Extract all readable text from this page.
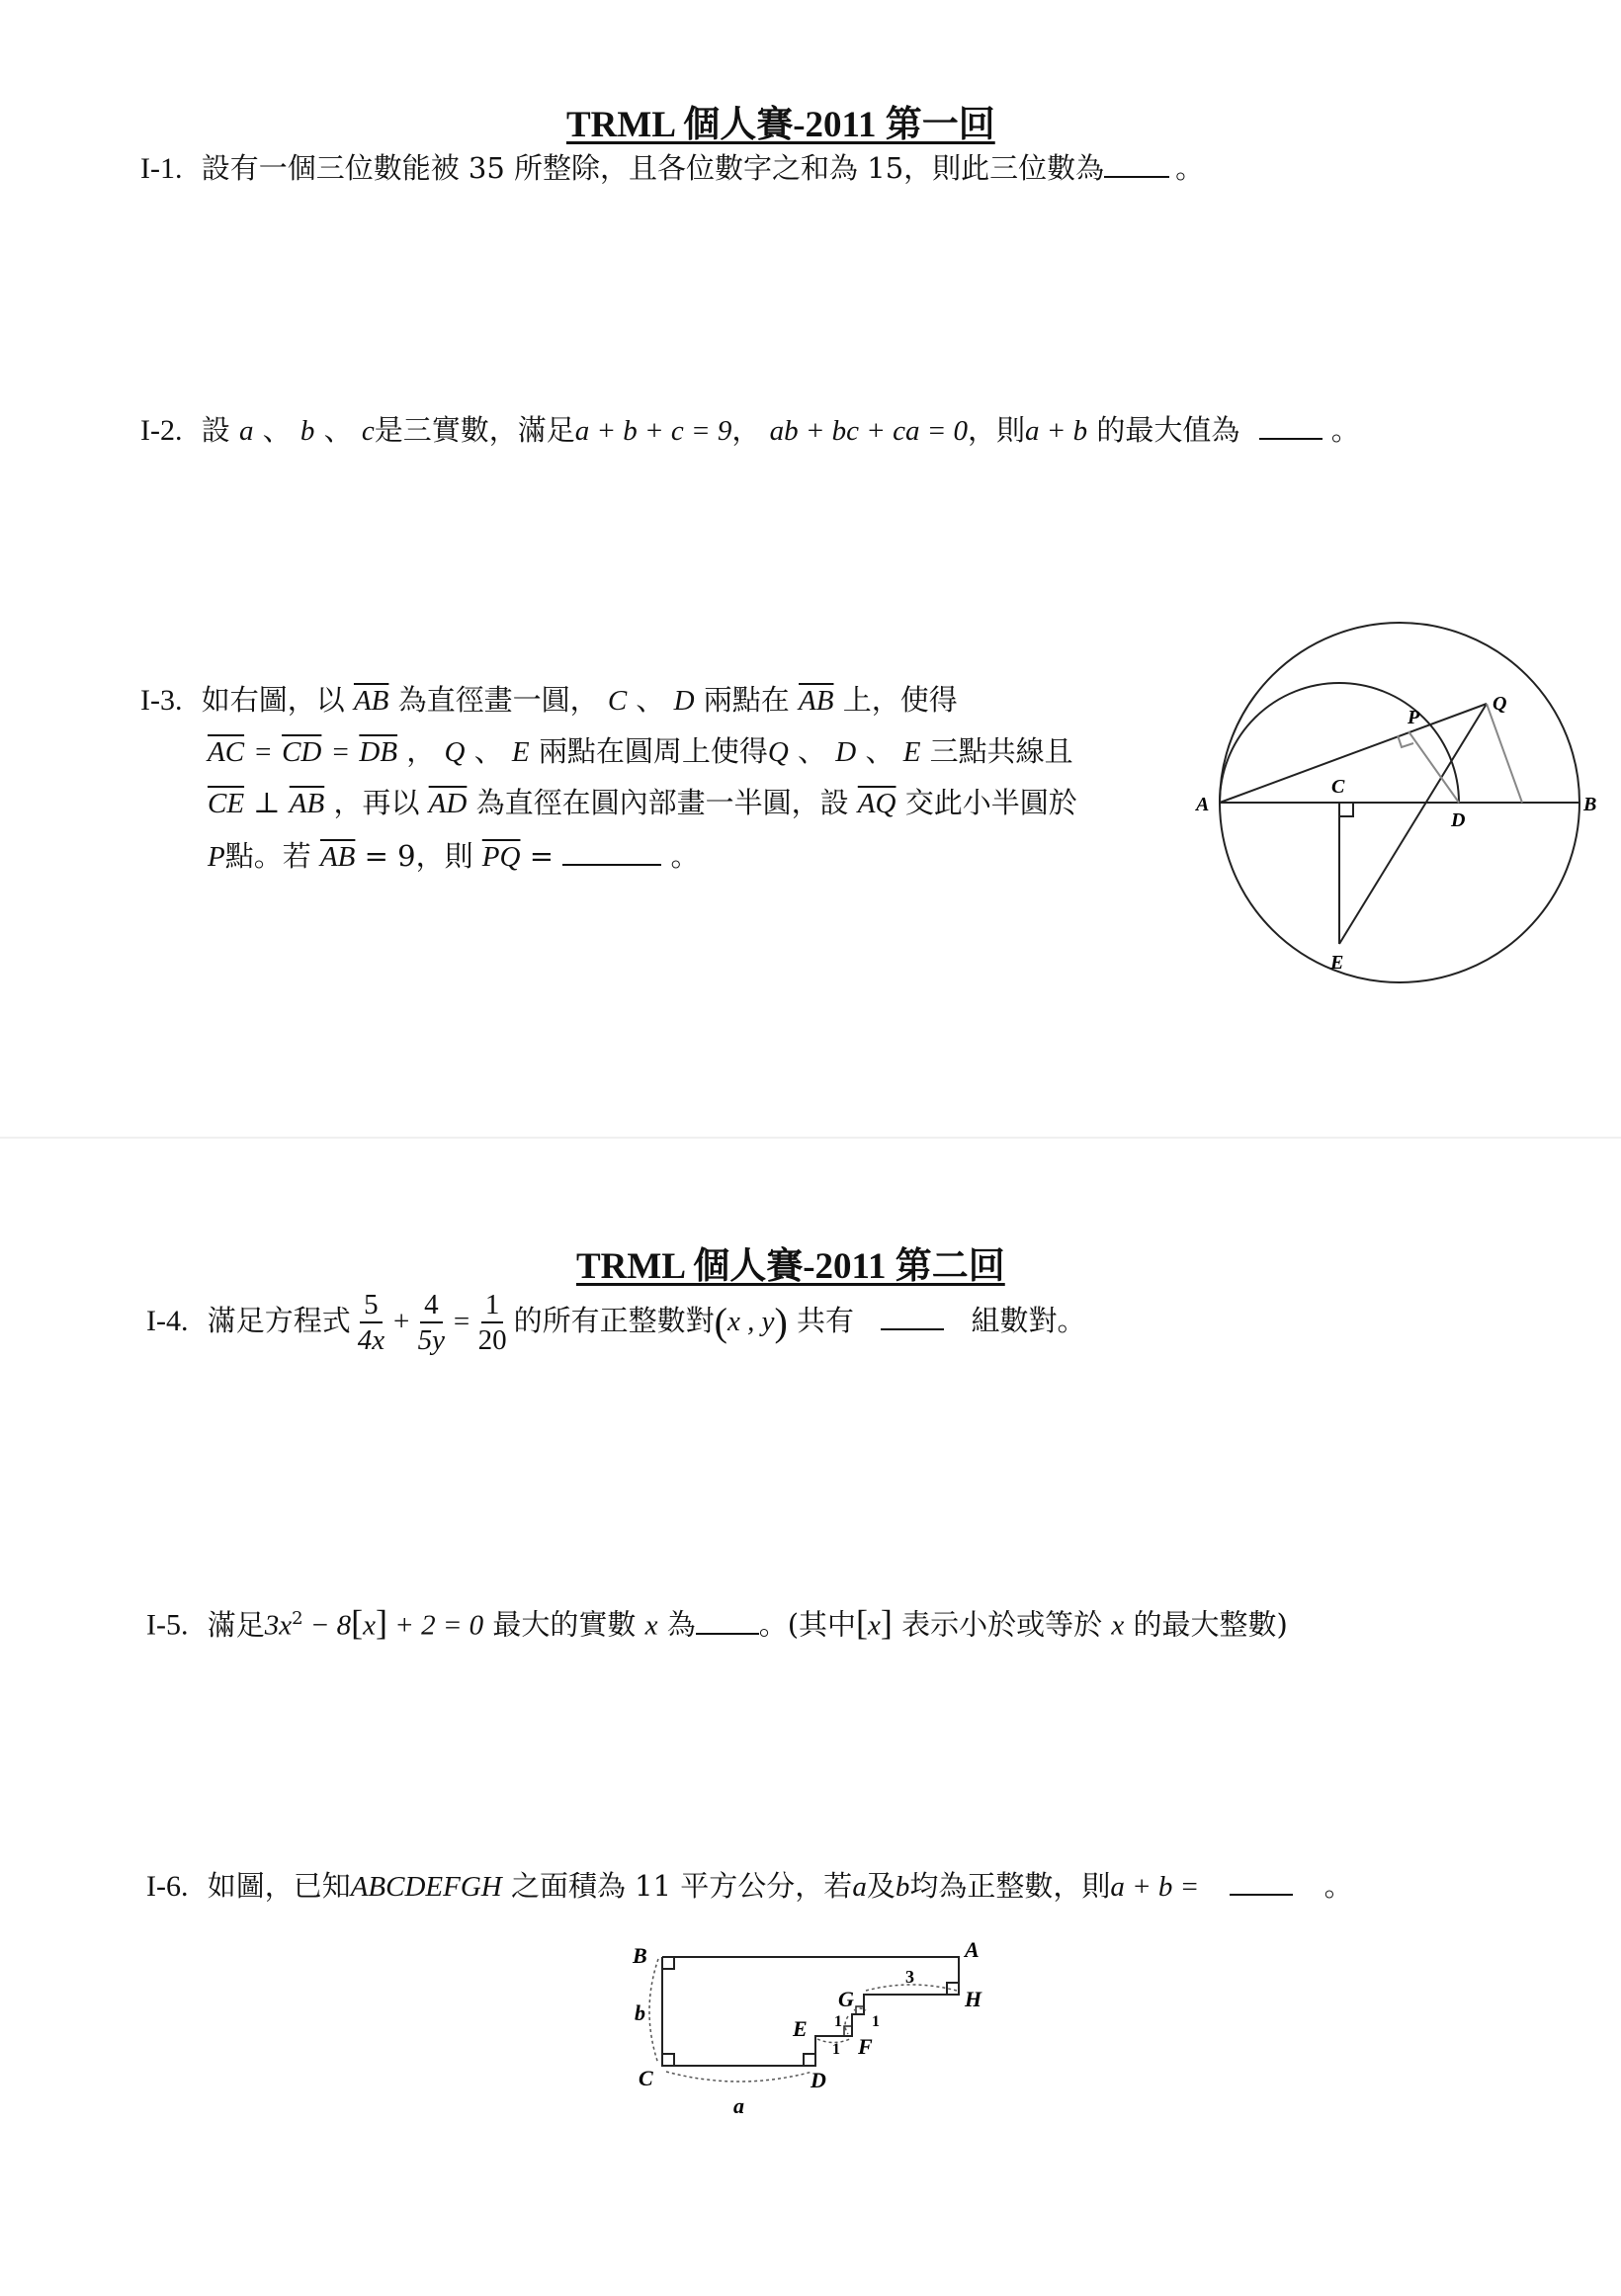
TRML 個人賽-2011 第一回
I-1. 設有一個三位數能被 35 所整除，且各位數字之和為 15，則此三位數為 。
I-2. 設 a 、 b 、 c是三實數，滿足a + b + c = 9， ab + bc + ca = 0，則a + b 的最大值為	。
I-3. 如右圖，以 $\overline{AB}$ 為直徑畫一圓， C 、 D 兩點在 $\overline{AB}$ 上，使得
$\overline{AC} = \overline{CD} = \overline{DB}$ ， Q 、 E 兩點在圓周上使得Q 、 D 、 E 三點共線且
$\overline{CE}$ ⊥ $\overline{AB}$ ，再以 $\overline{AD}$ 為直徑在圓內部畫一半圓，設 $\overline{AQ}$ 交此小半圓於
P點。若 $\overline{AB} = 9$，則 $\overline{PQ}$ =	。
A	B
C
D
E
P
Q
TRML 個人賽-2011 第二回
I-4. 滿足方程式 $\frac{5}{4x} + \frac{4}{5y} = \frac{1}{20}$ 的所有正整數對(x , y) 共有	組數對。
I-5. 滿足$3x^2 - 8[x] + 2 = 0$ 最大的實數 x 為 。(其中[x] 表示小於或等於 x 的最大整數)
I-6. 如圖，已知ABCDEFGH 之面積為 11 平方公分，若a及b均為正整數，則a + b =	。
B	A
H
C	D
E
F
G
b
a
3
1 1
1
